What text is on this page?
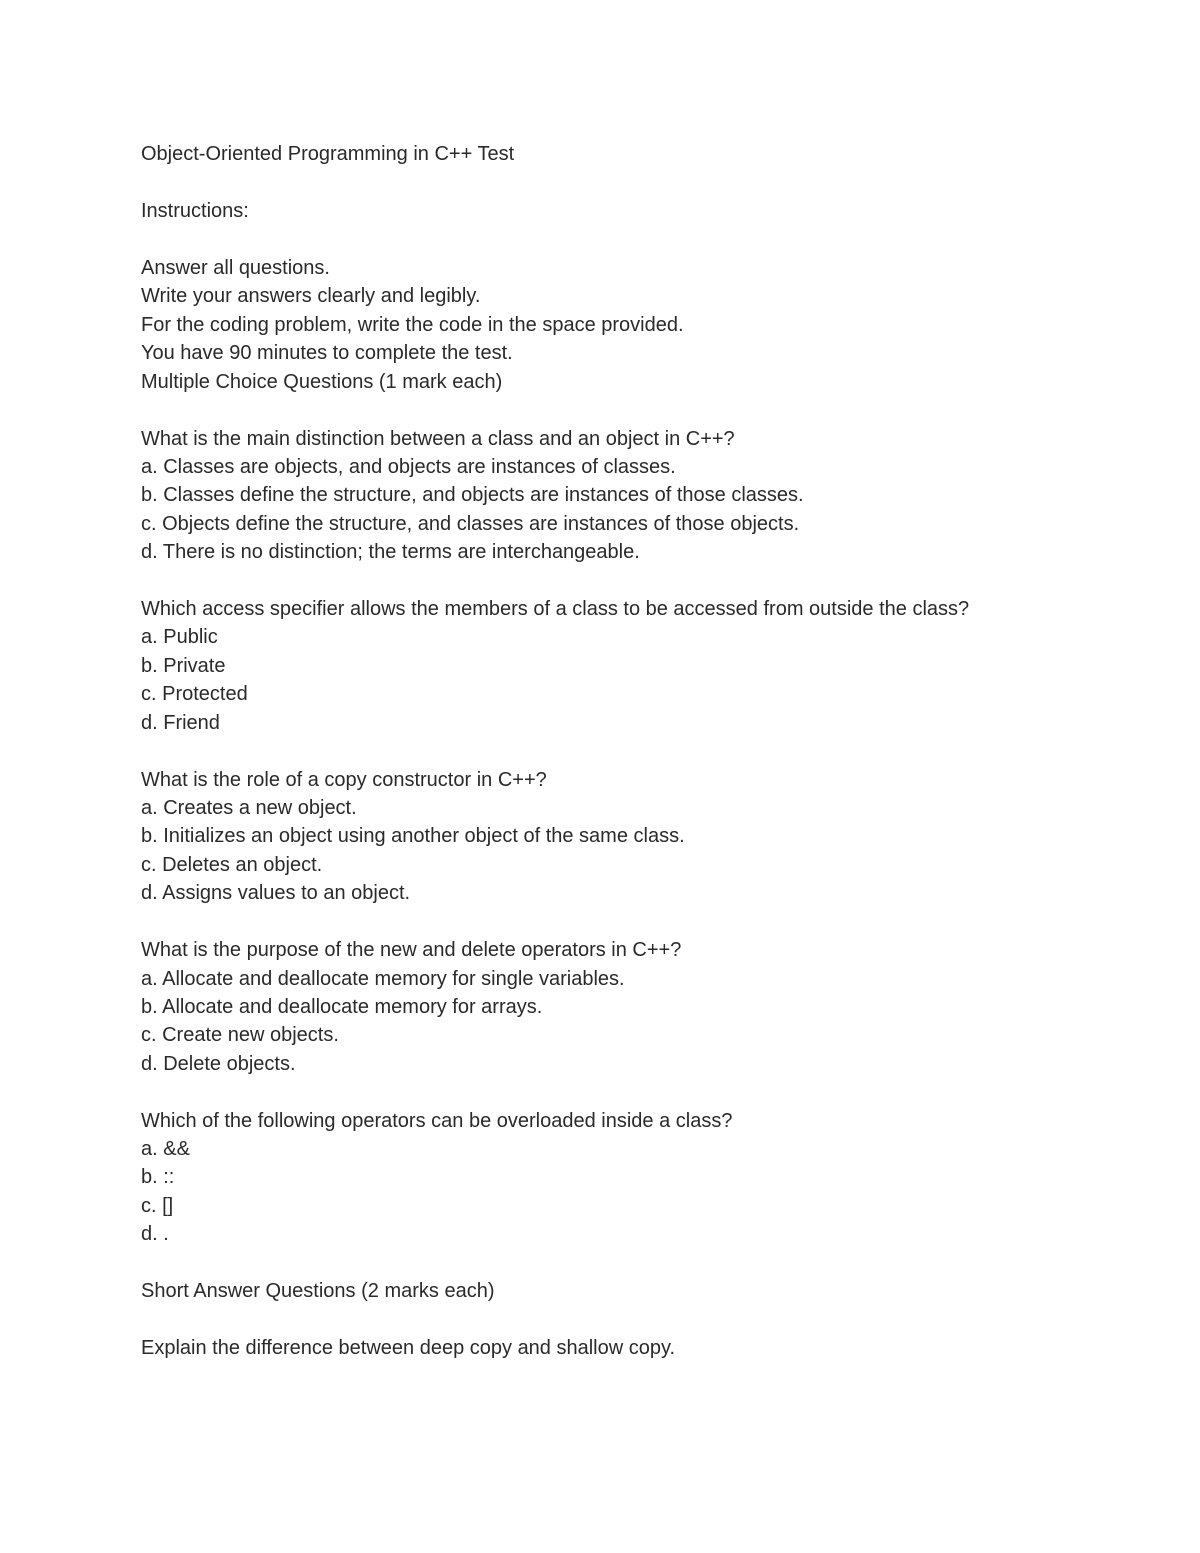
Object-Oriented Programming in C++ Test
Instructions:
Answer all questions.
Write your answers clearly and legibly.
For the coding problem, write the code in the space provided.
You have 90 minutes to complete the test.
Multiple Choice Questions (1 mark each)
What is the main distinction between a class and an object in C++?
a. Classes are objects, and objects are instances of classes.
b. Classes define the structure, and objects are instances of those classes.
c. Objects define the structure, and classes are instances of those objects.
d. There is no distinction; the terms are interchangeable.
Which access specifier allows the members of a class to be accessed from outside the class?
a. Public
b. Private
c. Protected
d. Friend
What is the role of a copy constructor in C++?
a. Creates a new object.
b. Initializes an object using another object of the same class.
c. Deletes an object.
d. Assigns values to an object.
What is the purpose of the new and delete operators in C++?
a. Allocate and deallocate memory for single variables.
b. Allocate and deallocate memory for arrays.
c. Create new objects.
d. Delete objects.
Which of the following operators can be overloaded inside a class?
a. &&
b. ::
c. []
d. .
Short Answer Questions (2 marks each)
Explain the difference between deep copy and shallow copy.
